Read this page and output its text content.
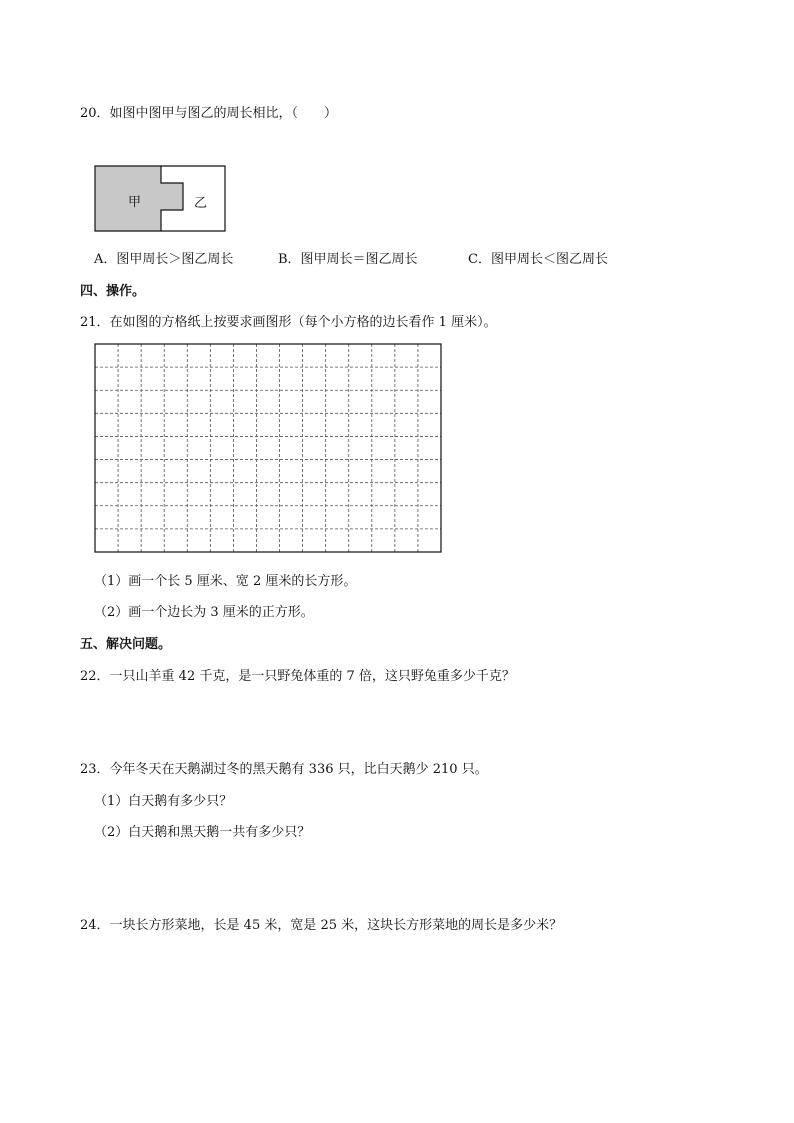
20．如图中图甲与图乙的周长相比，（　　）
甲	乙
A．图甲周长＞图乙周长	B．图甲周长＝图乙周长	C．图甲周长＜图乙周长
四、操作。
21．在如图的方格纸上按要求画图形（每个小方格的边长看作 1 厘米）。
（1）画一个长 5 厘米、宽 2 厘米的长方形。
（2）画一个边长为 3 厘米的正方形。
五、解决问题。
22．一只山羊重 42 千克，是一只野兔体重的 7 倍，这只野兔重多少千克？
23．今年冬天在天鹅湖过冬的黑天鹅有 336 只，比白天鹅少 210 只。
（1）白天鹅有多少只？
（2）白天鹅和黑天鹅一共有多少只？
24．一块长方形菜地，长是 45 米，宽是 25 米，这块长方形菜地的周长是多少米？
